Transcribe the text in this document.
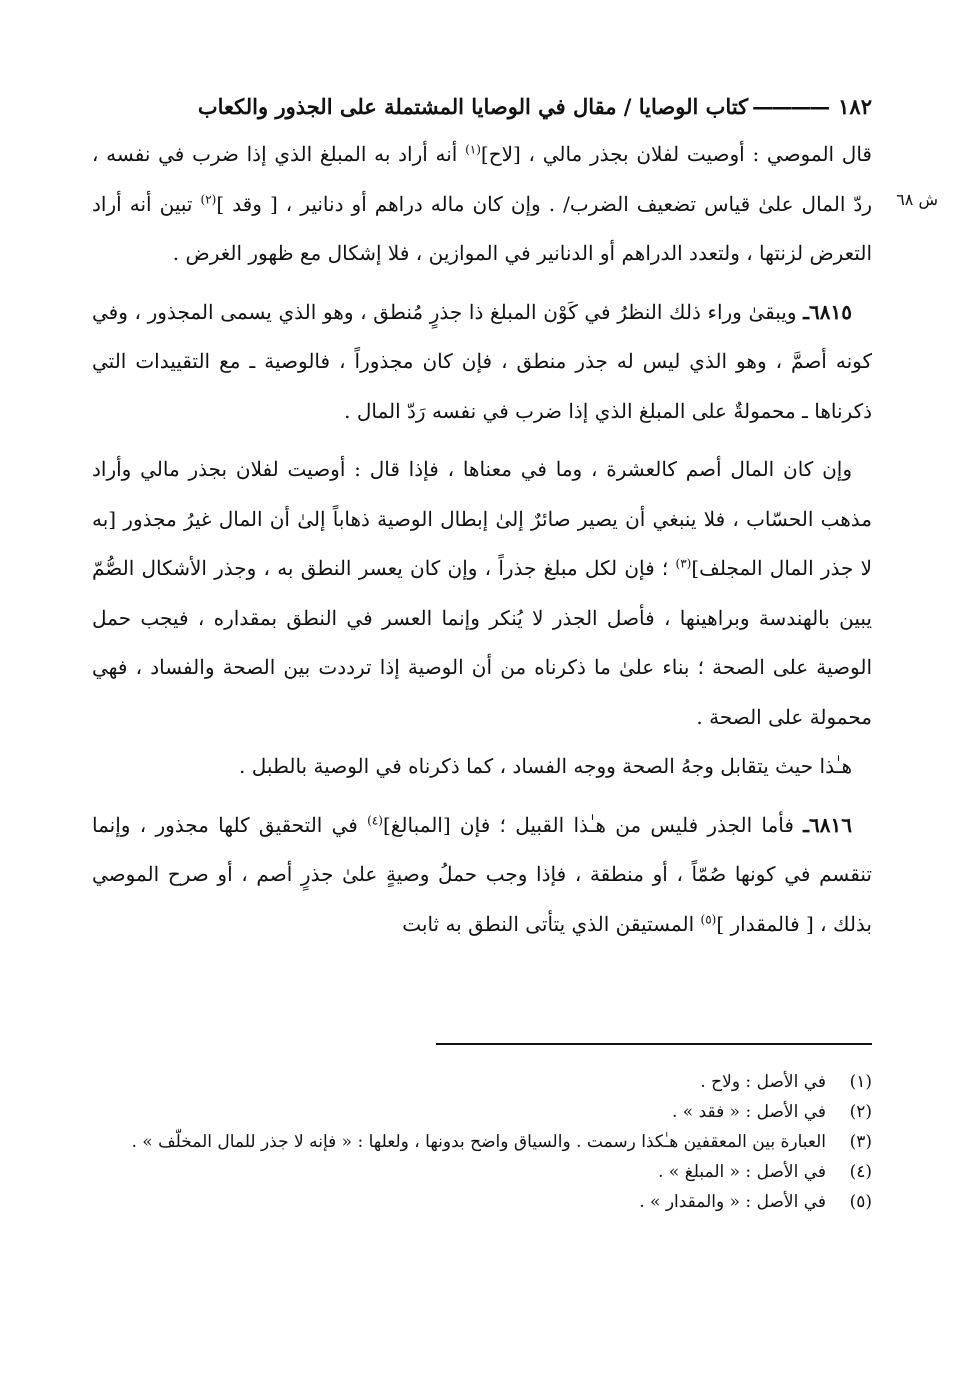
١٨٢
————
كتاب الوصايا / مقال في الوصايا المشتملة على الجذور والكعاب
ش ٦٨

قال الموصي : أوصيت لفلان بجذر مالي ، [لاح]$^{(١)}$ أنه أراد به المبلغ الذي إذا ضرب في نفسه ، ردّ المال علىٰ قياس تضعيف الضرب/ . وإن كان ماله دراهم أو دنانير ، [ وقد ]$^{(٢)}$ تبين أنه أراد التعرض لزنتها ، ولتعدد الدراهم أو الدنانير في الموازين ، فلا إشكال مع ظهور الغرض .

٦٨١٥ـ ويبقىٰ وراء ذلك النظرُ في كَوْن المبلغ ذا جذرٍ مُنطق ، وهو الذي يسمى المجذور ، وفي كونه أصمَّ ، وهو الذي ليس له جذر منطق ، فإن كان مجذوراً ، فالوصية ـ مع التقييدات التي ذكرناها ـ محمولةٌ على المبلغ الذي إذا ضرب في نفسه رَدّ المال .

وإن كان المال أصم كالعشرة ، وما في معناها ، فإذا قال : أوصيت لفلان بجذر مالي وأراد مذهب الحسّاب ، فلا ينبغي أن يصير صائرٌ إلىٰ إبطال الوصية ذهاباً إلىٰ أن المال غيرُ مجذور [به لا جذر المال المجلف]$^{(٣)}$ ؛ فإن لكل مبلغ جذراً ، وإن كان يعسر النطق به ، وجذر الأشكال الصُّمّ يبين بالهندسة وبراهينها ، فأصل الجذر لا يُنكر وإنما العسر في النطق بمقداره ، فيجب حمل الوصية على الصحة ؛ بناء علىٰ ما ذكرناه من أن الوصية إذا ترددت بين الصحة والفساد ، فهي محمولة على الصحة .

هـٰذا حيث يتقابل وجهُ الصحة ووجه الفساد ، كما ذكرناه في الوصية بالطبل .

٦٨١٦ـ فأما الجذر فليس من هـٰذا القبيل ؛ فإن [المبالغ]$^{(٤)}$ في التحقيق كلها مجذور ، وإنما تنقسم في كونها صُمّاً ، أو منطقة ، فإذا وجب حملُ وصيةٍ علىٰ جذرٍ أصم ، أو صرح الموصي بذلك ، [ فالمقدار ]$^{(٥)}$ المستيقن الذي يتأتى النطق به ثابت

(١)
في الأصل : ولاح .
(٢)
في الأصل : « فقد » .
(٣)
العبارة بين المعقفين هـٰكذا رسمت . والسياق واضح بدونها ، ولعلها : « فإنه لا جذر للمال المخلّف » .
(٤)
في الأصل : « المبلغ » .
(٥)
في الأصل : « والمقدار » .
